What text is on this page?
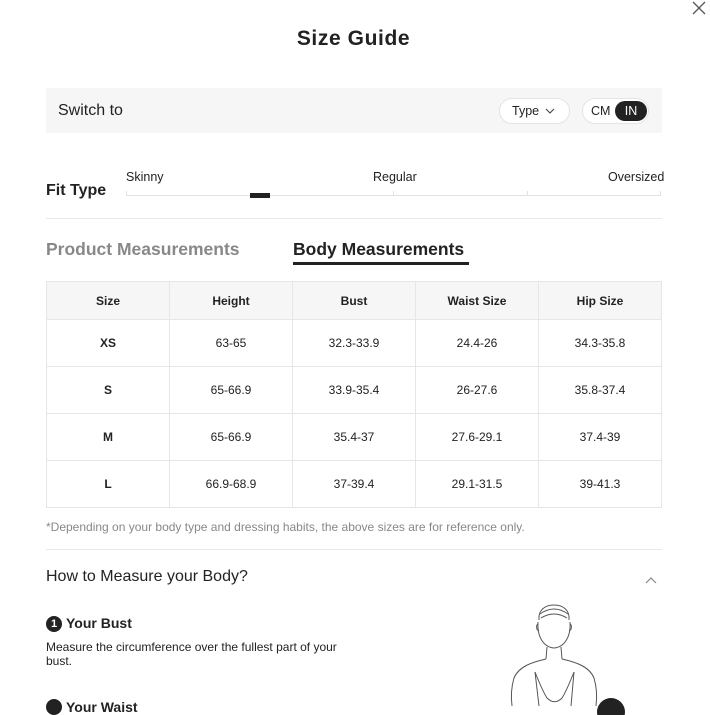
Size Guide
Switch to	Type	CM	IN
Fit Type
Skinny	Regular	Oversized
Product Measurements	Body Measurements
Size	Height	Bust	Waist Size	Hip Size
XS	63-65	32.3-33.9	24.4-26	34.3-35.8
S	65-66.9	33.9-35.4	26-27.6	35.8-37.4
M	65-66.9	35.4-37	27.6-29.1	37.4-39
L	66.9-68.9	37-39.4	29.1-31.5	39-41.3
*Depending on your body type and dressing habits, the above sizes are for reference only.
How to Measure your Body?
1 Your Bust
Measure the circumference over the fullest part of your bust.
Your Waist
